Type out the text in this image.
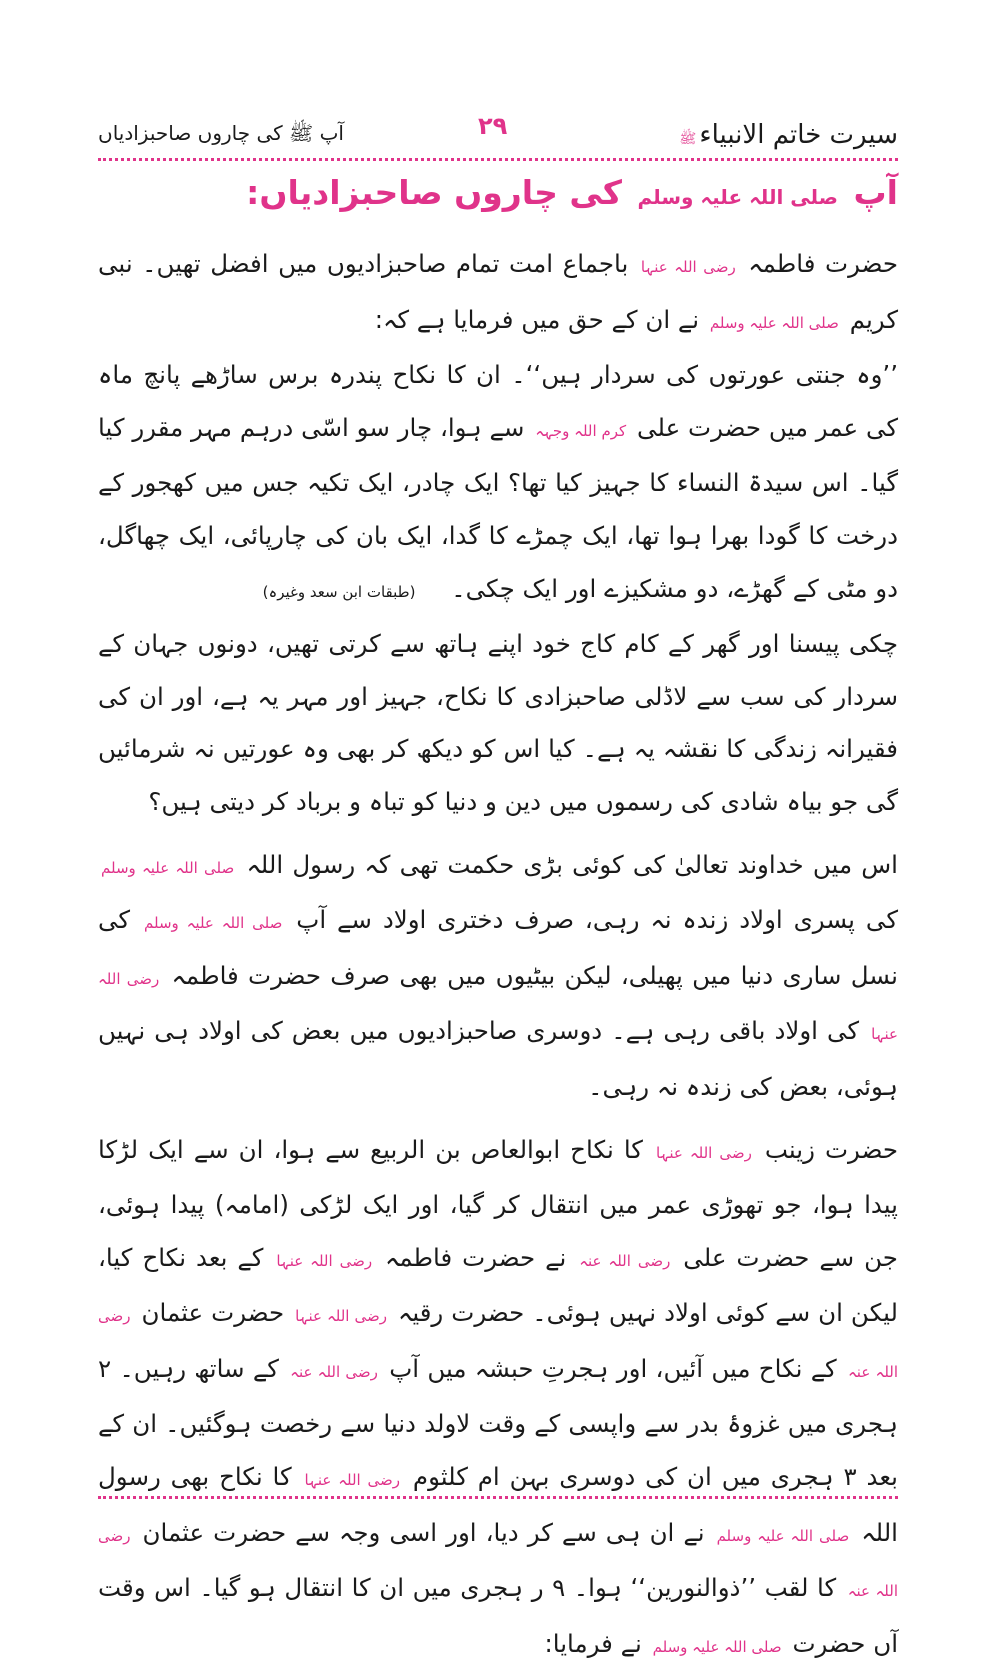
سیرت خاتم الانبیاءﷺ
آپ ﷺ کی چاروں صاحبزادیاں	۲۹
آپ صلی اللہ علیہ وسلم کی چاروں صاحبزادیاں:

حضرت فاطمہ رضی اللہ عنہا باجماع امت تمام صاحبزادیوں میں افضل تھیں۔ نبی کریم صلی اللہ علیہ وسلم نے ان کے حق میں فرمایا ہے کہ:

’’وہ جنتی عورتوں کی سردار ہیں‘‘۔ ان کا نکاح پندرہ برس ساڑھے پانچ ماہ کی عمر میں حضرت علی کرم اللہ وجہہ سے ہوا، چار سو اسّی درہم مہر مقرر کیا گیا۔ اس سیدۃ النساء کا جہیز کیا تھا؟ ایک چادر، ایک تکیہ جس میں کھجور کے درخت کا گودا بھرا ہوا تھا، ایک چمڑے کا گدا، ایک بان کی چارپائی، ایک چھاگل، دو مٹی کے گھڑے، دو مشکیزے اور ایک چکی۔ (طبقات ابن سعد وغیرہ)

چکی پیسنا اور گھر کے کام کاج خود اپنے ہاتھ سے کرتی تھیں، دونوں جہان کے سردار کی سب سے لاڈلی صاحبزادی کا نکاح، جہیز اور مہر یہ ہے، اور ان کی فقیرانہ زندگی کا نقشہ یہ ہے۔ کیا اس کو دیکھ کر بھی وہ عورتیں نہ شرمائیں گی جو بیاہ شادی کی رسموں میں دین و دنیا کو تباہ و برباد کر دیتی ہیں؟

اس میں خداوند تعالیٰ کی کوئی بڑی حکمت تھی کہ رسول اللہ صلی اللہ علیہ وسلم کی پسری اولاد زندہ نہ رہی، صرف دختری اولاد سے آپ صلی اللہ علیہ وسلم کی نسل ساری دنیا میں پھیلی، لیکن بیٹیوں میں بھی صرف حضرت فاطمہ رضی اللہ عنہا کی اولاد باقی رہی ہے۔ دوسری صاحبزادیوں میں بعض کی اولاد ہی نہیں ہوئی، بعض کی زندہ نہ رہی۔

حضرت زینب رضی اللہ عنہا کا نکاح ابوالعاص بن الربیع سے ہوا، ان سے ایک لڑکا پیدا ہوا، جو تھوڑی عمر میں انتقال کر گیا، اور ایک لڑکی (امامہ) پیدا ہوئی، جن سے حضرت علی رضی اللہ عنہ نے حضرت فاطمہ رضی اللہ عنہا کے بعد نکاح کیا، لیکن ان سے کوئی اولاد نہیں ہوئی۔ حضرت رقیہ رضی اللہ عنہا حضرت عثمان رضی اللہ عنہ کے نکاح میں آئیں، اور ہجرتِ حبشہ میں آپ رضی اللہ عنہ کے ساتھ رہیں۔ ۲ ہجری میں غزوۂ بدر سے واپسی کے وقت لاولد دنیا سے رخصت ہوگئیں۔ ان کے بعد ۳ ہجری میں ان کی دوسری بہن ام کلثوم رضی اللہ عنہا کا نکاح بھی رسول اللہ صلی اللہ علیہ وسلم نے ان ہی سے کر دیا، اور اسی وجہ سے حضرت عثمان رضی اللہ عنہ کا لقب ’’ذوالنورین‘‘ ہوا۔ ۹ ر ہجری میں ان کا انتقال ہو گیا۔ اس وقت آں حضرت صلی اللہ علیہ وسلم نے فرمایا:
